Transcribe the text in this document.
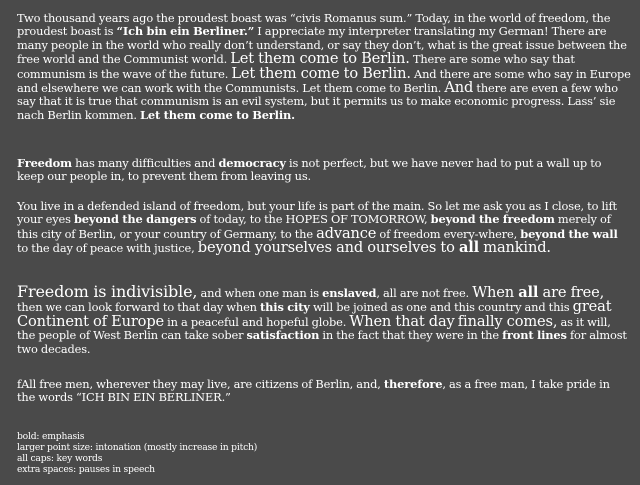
Two thousand years ago the proudest boast was “civis Romanus sum.” Today, in the world of freedom, the proudest boast is “Ich bin ein Berliner.” I appreciate my interpreter translating my German! There are many people in the world who really don’t understand, or say they don’t, what is the great issue between the free world and the Communist world. Let them come to Berlin. There are some who say that communism is the wave of the future. Let them come to Berlin. And there are some who say in Europe and elsewhere we can work with the Communists. Let them come to Berlin. And there are even a few who say that it is true that communism is an evil system, but it permits us to make economic progress. Lass’ sie nach Berlin kommen. Let them come to Berlin.

Freedom has many difficulties and democracy is not perfect, but we have never had to put a wall up to keep our people in, to prevent them from leaving us.

You live in a defended island of freedom, but your life is part of the main. So let me ask you as I close, to lift your eyes beyond the dangers of today, to the HOPES OF TOMORROW, beyond the freedom merely of this city of Berlin, or your country of Germany, to the advance of freedom every-where, beyond the wall to the day of peace with justice, beyond yourselves and ourselves to all mankind.

Freedom is indivisible, and when one man is enslaved, all are not free. When all are free, then we can look forward to that day when this city will be joined as one and this country and this great Continent of Europe in a peaceful and hopeful globe. When that day finally comes, as it will, the people of West Berlin can take sober satisfaction in the fact that they were in the front lines for almost two decades.

fAll free men, wherever they may live, are citizens of Berlin, and, therefore, as a free man, I take pride in the words “ICH BIN EIN BERLINER.”

bold: emphasis
larger point size: intonation (mostly increase in pitch)
all caps: key words
extra spaces: pauses in speech
